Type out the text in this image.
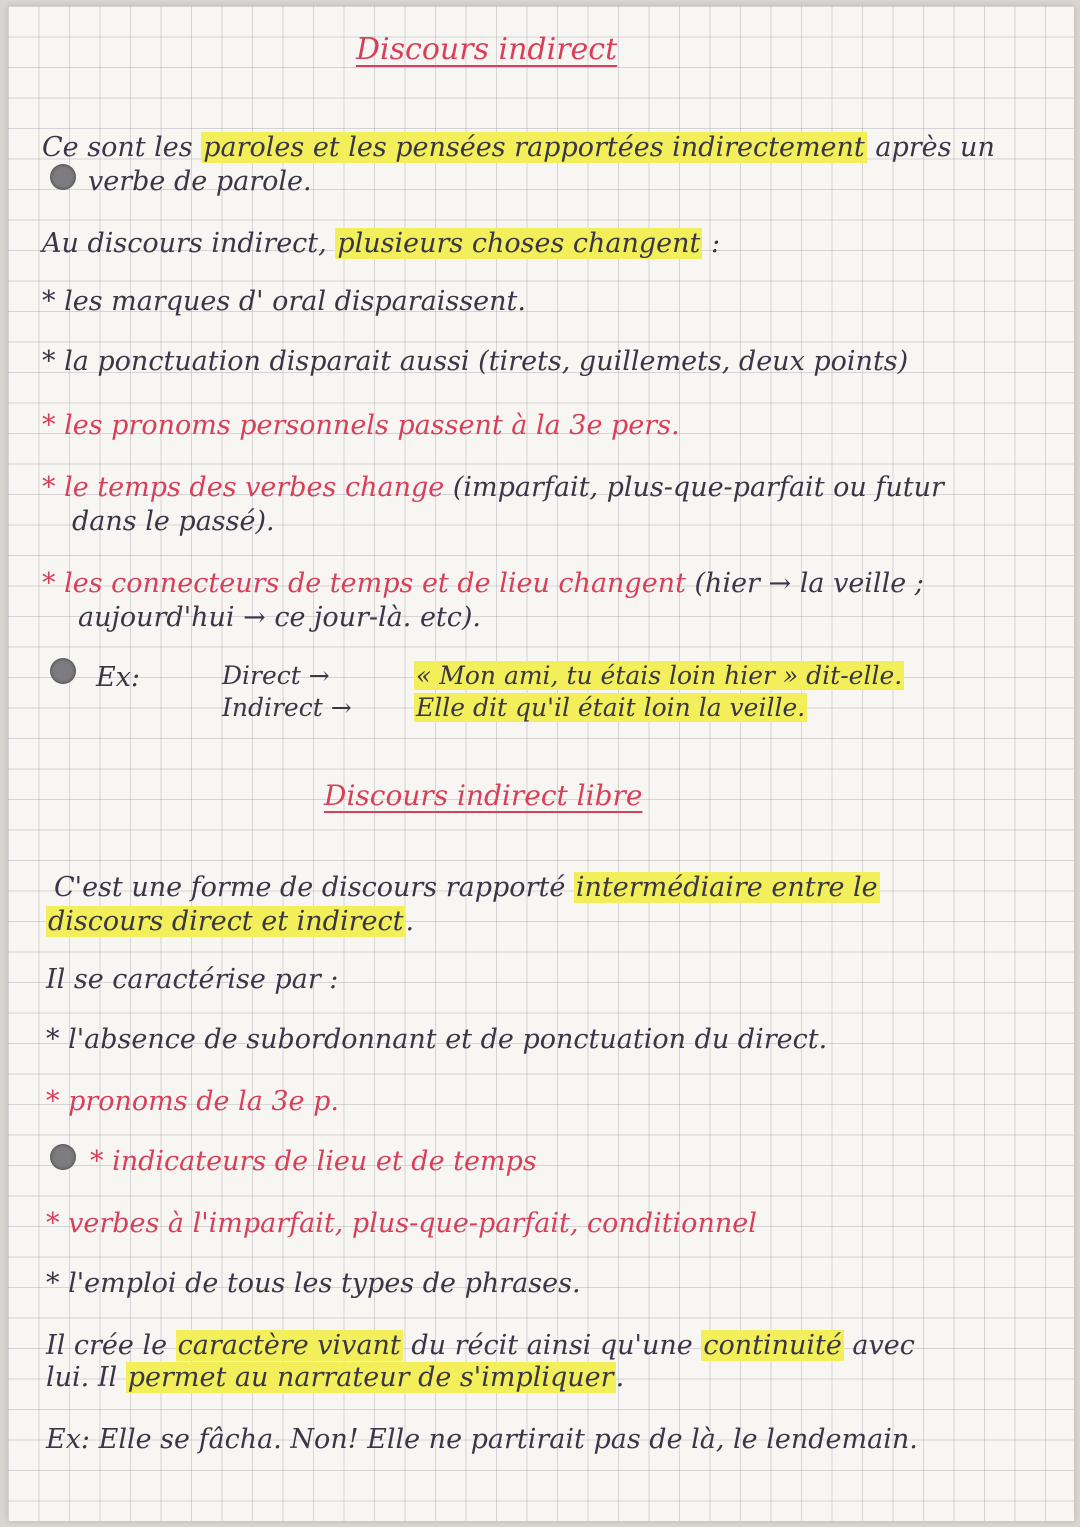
Discours indirect
Ce sont les paroles et les pensées rapportées indirectement après un
verbe de parole.
Au discours indirect, plusieurs choses changent :
* les marques d' oral disparaissent.
* la ponctuation disparait aussi (tirets, guillemets, deux points)
* les pronoms personnels passent à la 3e pers.
* le temps des verbes change (imparfait, plus-que-parfait ou futur
dans le passé).
* les connecteurs de temps et de lieu changent (hier → la veille ;
aujourd'hui → ce jour-là. etc).
Ex:	Direct →
Indirect →
« Mon ami, tu étais loin hier » dit-elle.
Elle dit qu'il était loin la veille.
Discours indirect libre
C'est une forme de discours rapporté intermédiaire entre le
discours direct et indirect.
Il se caractérise par :
* l'absence de subordonnant et de ponctuation du direct.
* pronoms de la 3e p.
* indicateurs de lieu et de temps
* verbes à l'imparfait, plus-que-parfait, conditionnel
* l'emploi de tous les types de phrases.
Il crée le caractère vivant du récit ainsi qu'une continuité avec
lui. Il permet au narrateur de s'impliquer.
Ex: Elle se fâcha. Non! Elle ne partirait pas de là, le lendemain.
